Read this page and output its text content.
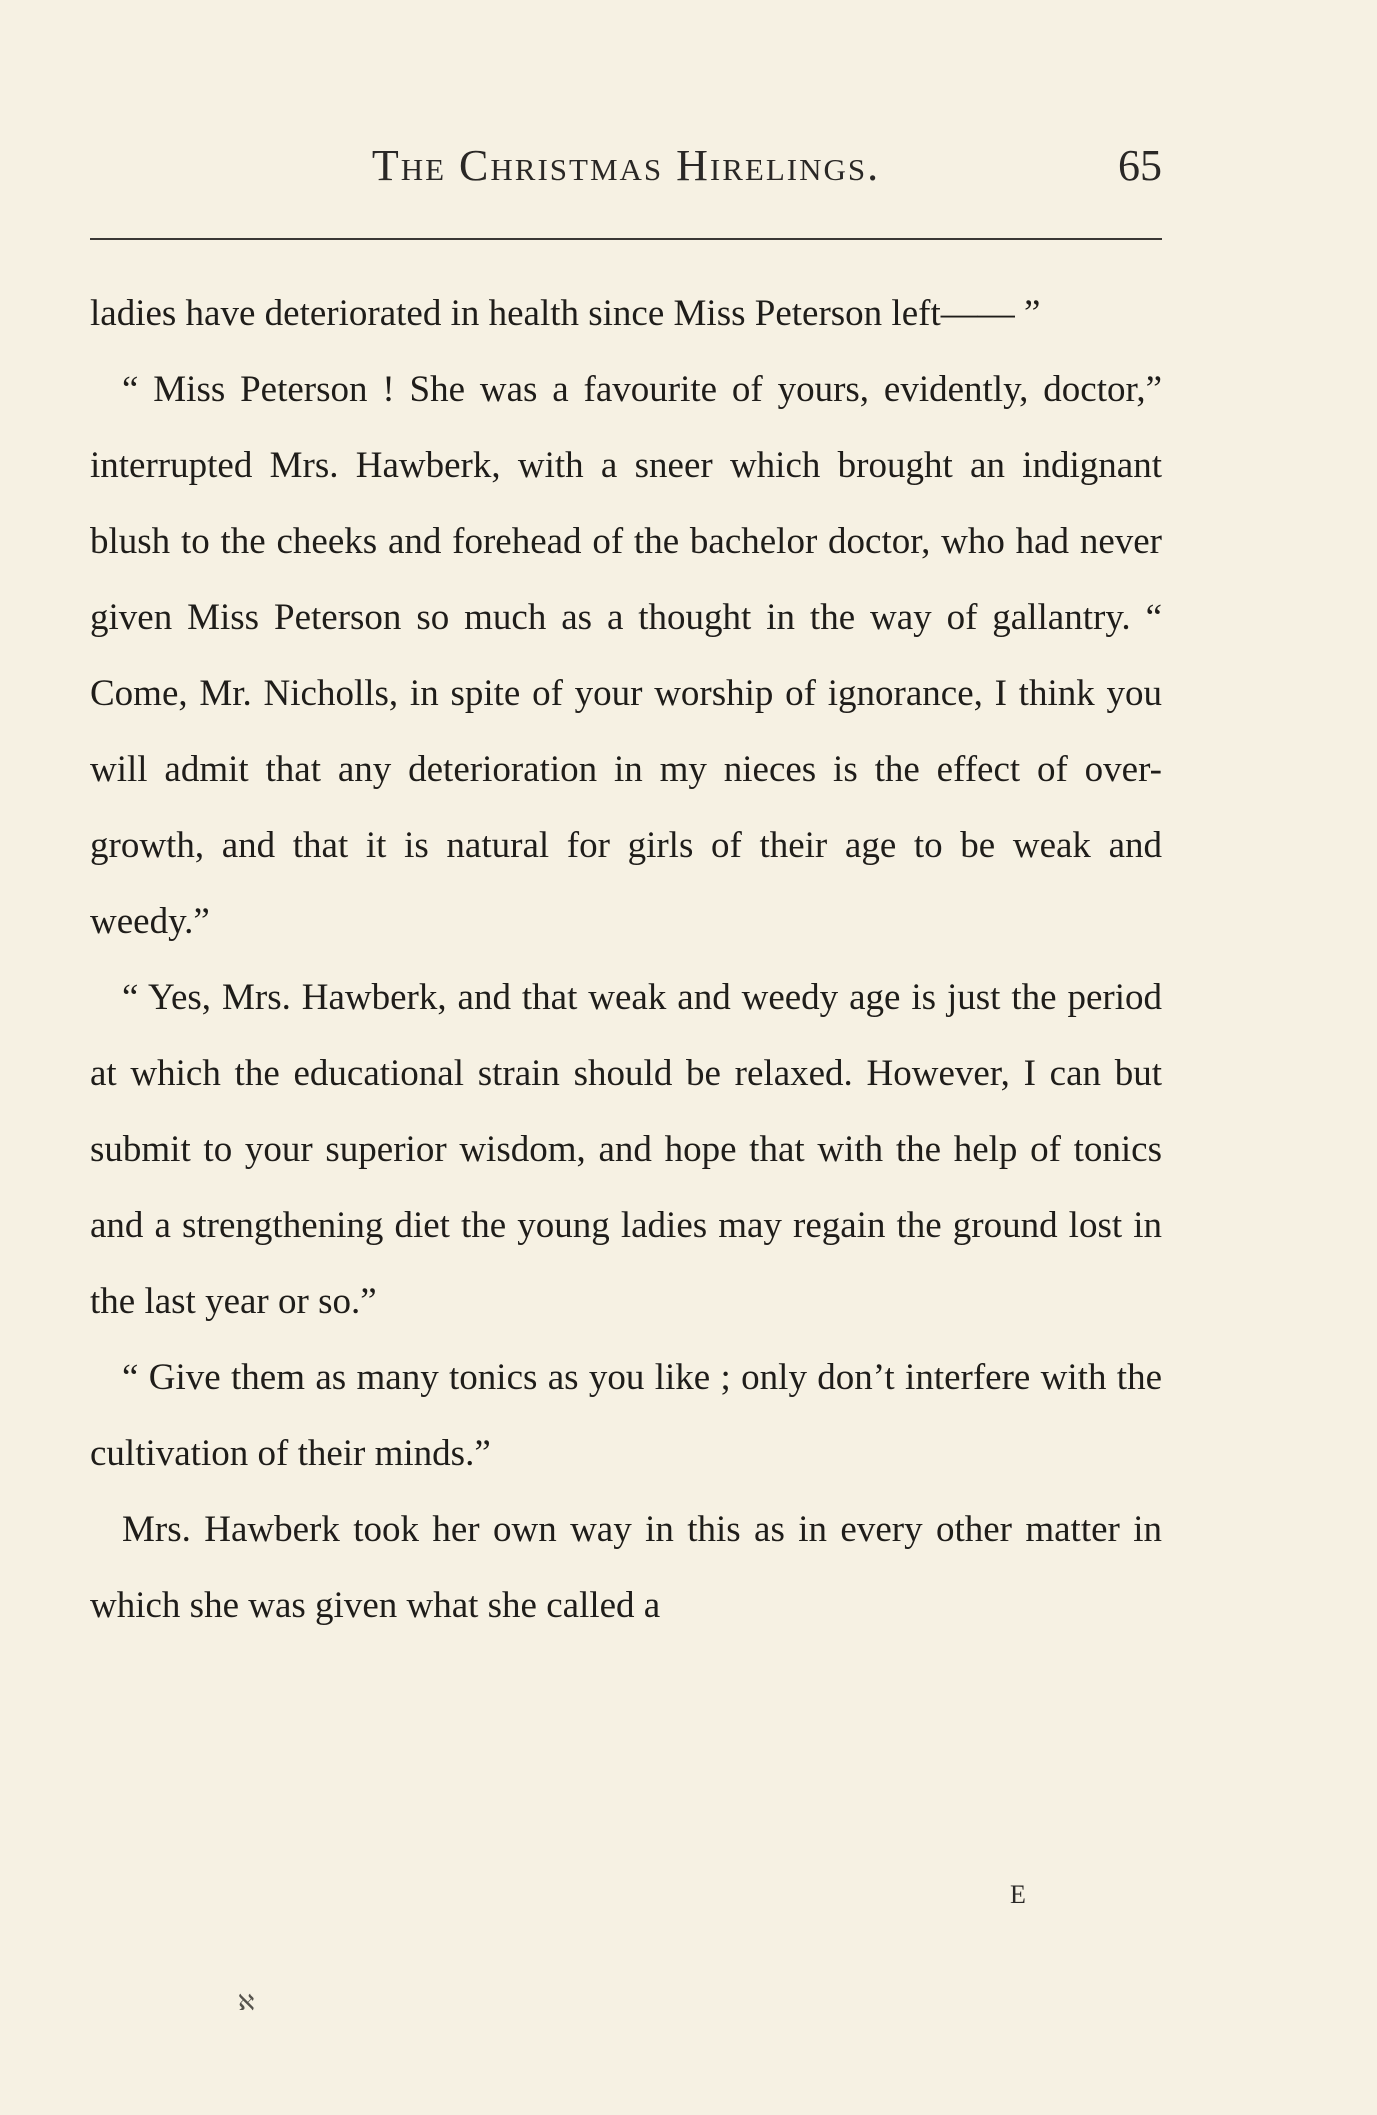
The Christmas Hirelings.	65

ladies have deteriorated in health since Miss Peterson left—— ”

“ Miss Peterson ! She was a favourite of yours, evidently, doctor,” interrupted Mrs. Hawberk, with a sneer which brought an indignant blush to the cheeks and forehead of the bachelor doctor, who had never given Miss Peterson so much as a thought in the way of gallantry. “ Come, Mr. Nicholls, in spite of your worship of ignorance, I think you will admit that any deterioration in my nieces is the effect of over-growth, and that it is natural for girls of their age to be weak and weedy.”

“ Yes, Mrs. Hawberk, and that weak and weedy age is just the period at which the educational strain should be relaxed. However, I can but submit to your superior wisdom, and hope that with the help of tonics and a strengthening diet the young ladies may regain the ground lost in the last year or so.”

“ Give them as many tonics as you like ; only don’t interfere with the cultivation of their minds.”

Mrs. Hawberk took her own way in this as in every other matter in which she was given what she called a

E
ℵ
